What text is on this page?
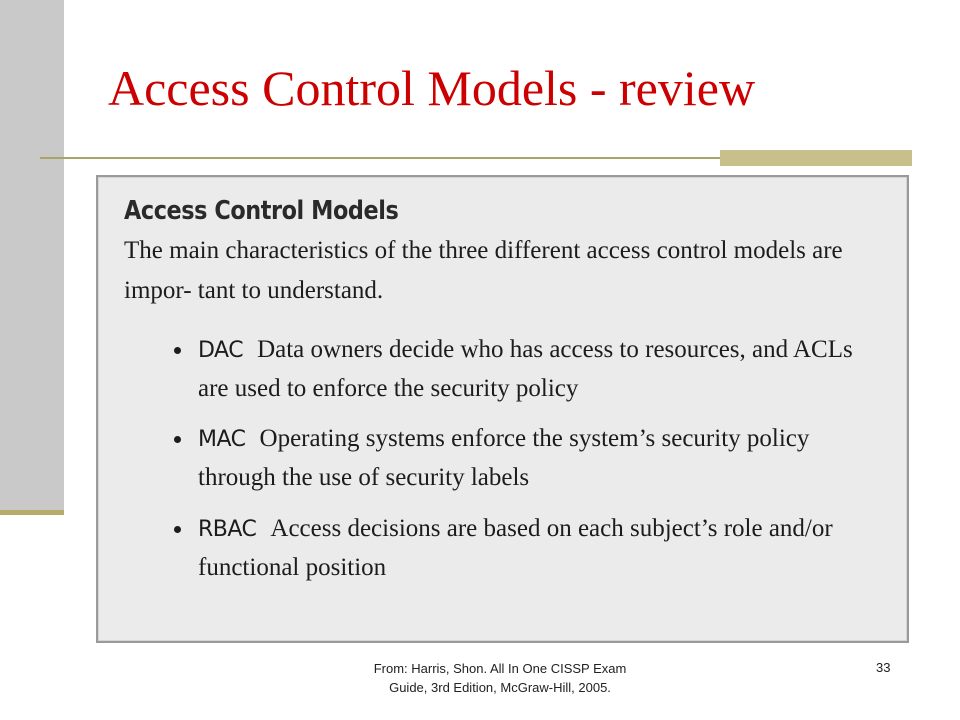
Access Control Models - review
Access Control Models

The main characteristics of the three different access control models are impor- tant to understand.

DAC Data owners decide who has access to resources, and ACLs are used to enforce the security policy
MAC Operating systems enforce the system’s security policy through the use of security labels
RBAC Access decisions are based on each subject’s role and/or functional position
From: Harris, Shon. All In One CISSP Exam
Guide, 3rd Edition, McGraw-Hill, 2005.
33
